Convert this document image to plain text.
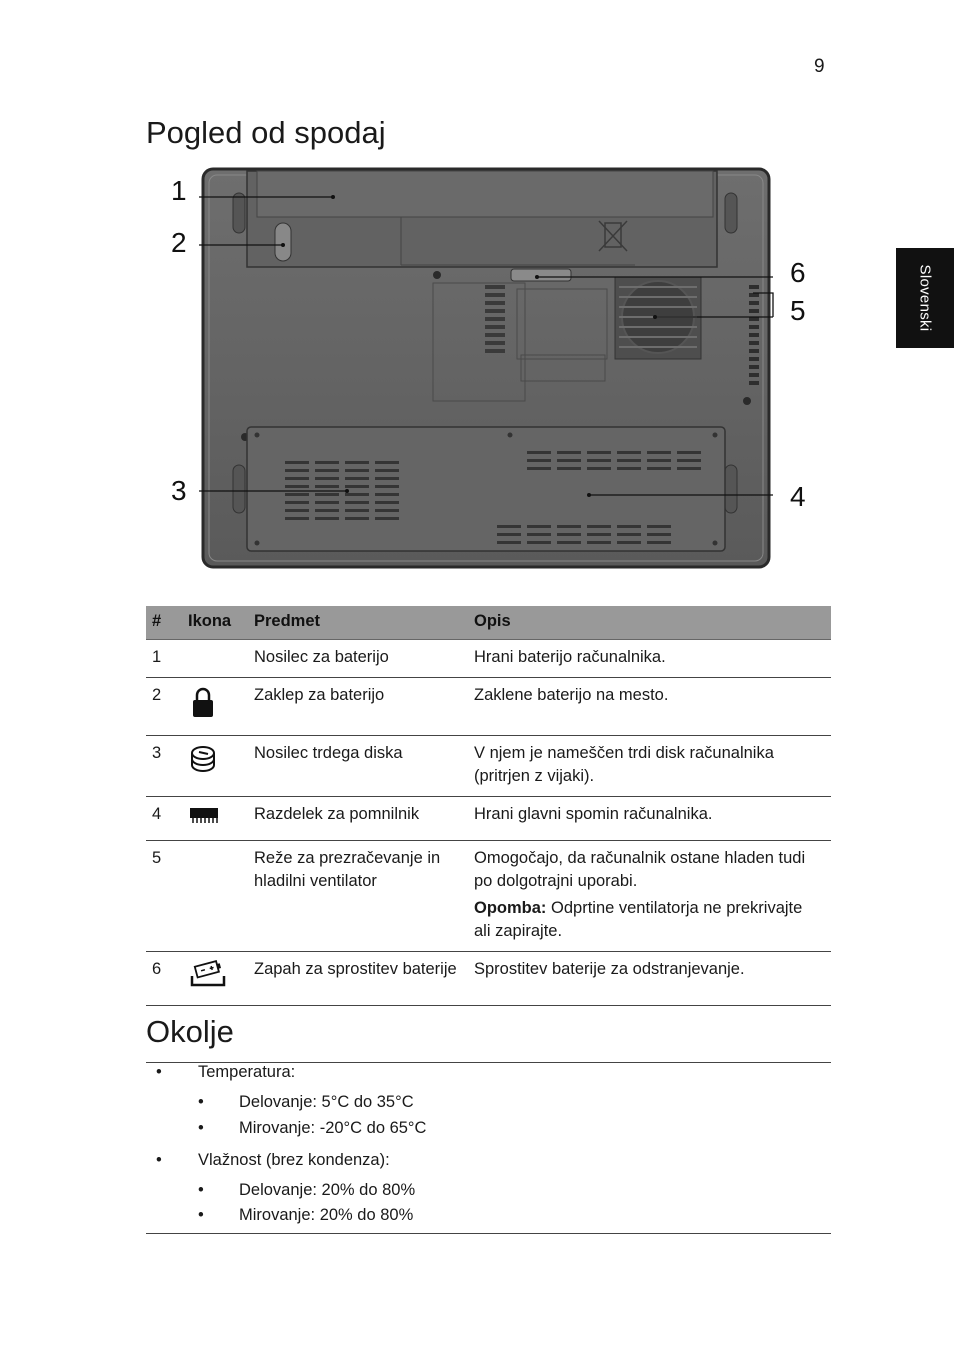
9
Slovenski
Pogled od spodaj
1
2
3	4
5
6
#	Ikona	Predmet	Opis
1		Nosilec za baterijo	Hrani baterijo računalnika.
2		Zaklep za baterijo	Zaklene baterijo na mesto.
3		Nosilec trdega diska	V njem je nameščen trdi disk računalnika (pritrjen z vijaki).
4		Razdelek za pomnilnik	Hrani glavni spomin računalnika.
5		Reže za prezračevanje in hladilni ventilator	Omogočajo, da računalnik ostane hladen tudi po dolgotrajni uporabi.

Opomba: Odprtine ventilatorja ne prekrivajte ali zapirajte.

6		Zapah za sprostitev baterije	Sprostitev baterije za odstranjevanje.
Okolje
• Temperatura:
• Delovanje: 5°C do 35°C
• Mirovanje: -20°C do 65°C
• Vlažnost (brez kondenza):
• Delovanje: 20% do 80%
• Mirovanje: 20% do 80%
